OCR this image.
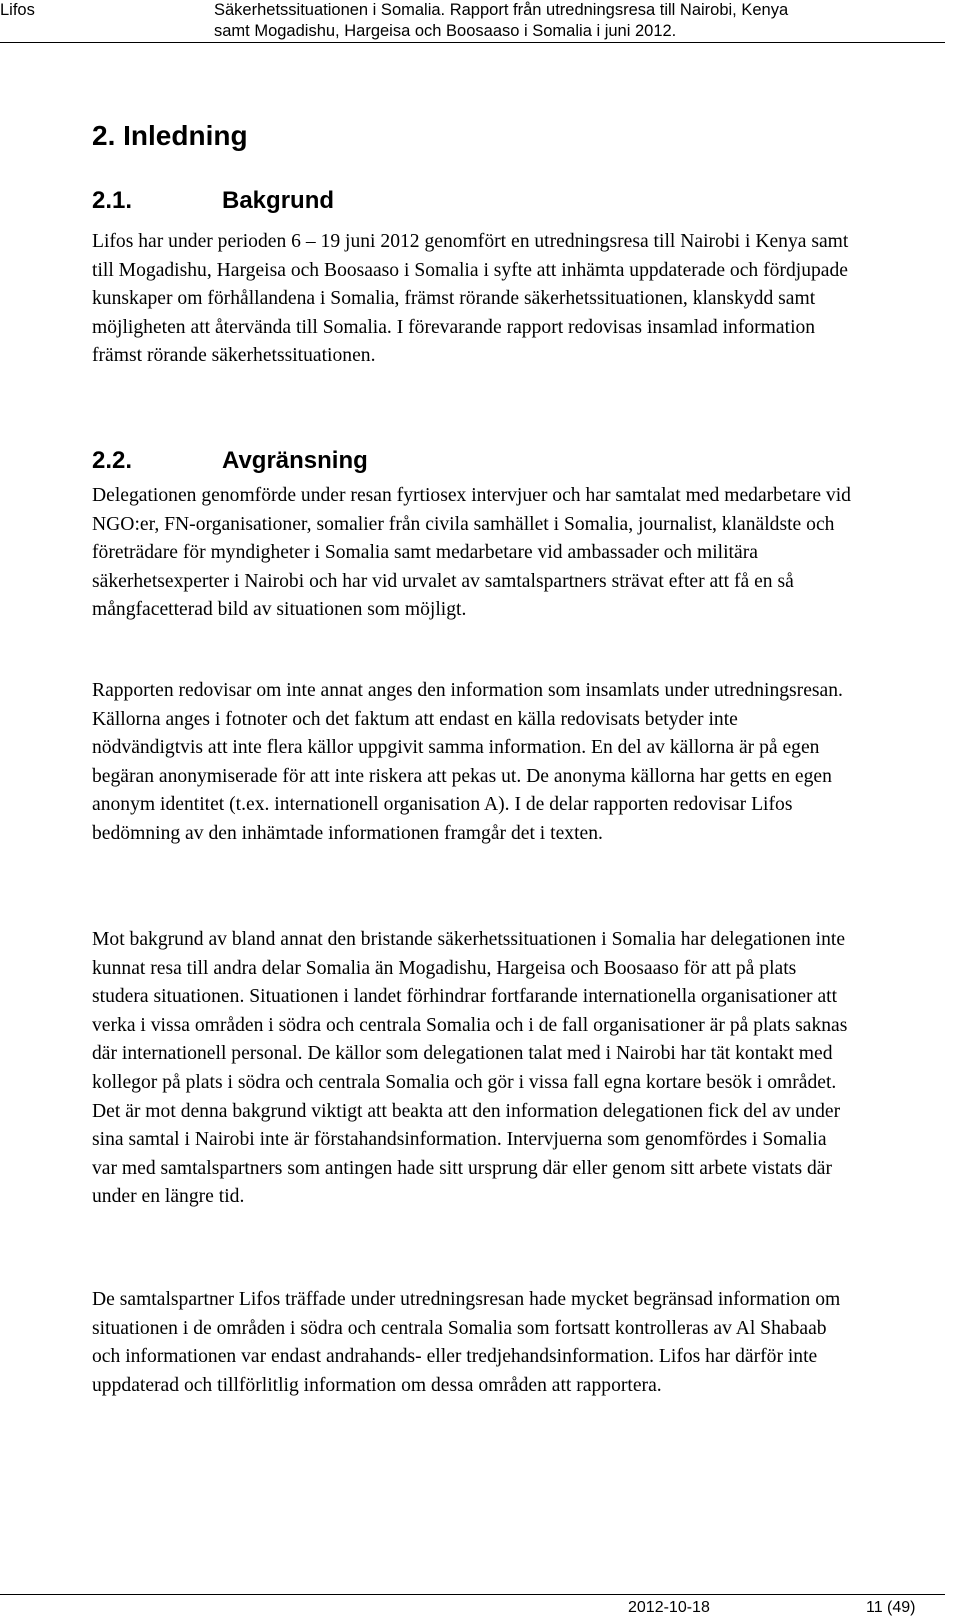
Lifos	Säkerhetssituationen i Somalia. Rapport från utredningsresa till Nairobi, Kenya
samt Mogadishu, Hargeisa och Boosaaso i Somalia i juni 2012.
2. Inledning
2.1.	Bakgrund

Lifos har under perioden 6 – 19 juni 2012 genomfört en utredningsresa till Nairobi i Kenya samt till Mogadishu, Hargeisa och Boosaaso i Somalia i syfte att inhämta uppdaterade och fördjupade kunskaper om förhållandena i Somalia, främst rörande säkerhetssituationen, klanskydd samt möjligheten att återvända till Somalia. I förevarande rapport redovisas insamlad information främst rörande säkerhetssituationen.

2.2.	Avgränsning

Delegationen genomförde under resan fyrtiosex intervjuer och har samtalat med medarbetare vid NGO:er, FN-organisationer, somalier från civila samhället i Somalia, journalist, klanäldste och företrädare för myndigheter i Somalia samt medarbetare vid ambassader och militära säkerhetsexperter i Nairobi och har vid urvalet av samtalspartners strävat efter att få en så mångfacetterad bild av situationen som möjligt.

Rapporten redovisar om inte annat anges den information som insamlats under utredningsresan. Källorna anges i fotnoter och det faktum att endast en källa redovisats betyder inte nödvändigtvis att inte flera källor uppgivit samma information. En del av källorna är på egen begäran anonymiserade för att inte riskera att pekas ut. De anonyma källorna har getts en egen anonym identitet (t.ex. internationell organisation A). I de delar rapporten redovisar Lifos bedömning av den inhämtade informationen framgår det i texten.

Mot bakgrund av bland annat den bristande säkerhetssituationen i Somalia har delegationen inte kunnat resa till andra delar Somalia än Mogadishu, Hargeisa och Boosaaso för att på plats studera situationen. Situationen i landet förhindrar fortfarande internationella organisationer att verka i vissa områden i södra och centrala Somalia och i de fall organisationer är på plats saknas där internationell personal. De källor som delegationen talat med i Nairobi har tät kontakt med kollegor på plats i södra och centrala Somalia och gör i vissa fall egna kortare besök i området. Det är mot denna bakgrund viktigt att beakta att den information delegationen fick del av under sina samtal i Nairobi inte är förstahandsinformation. Intervjuerna som genomfördes i Somalia var med samtalspartners som antingen hade sitt ursprung där eller genom sitt arbete vistats där under en längre tid.

De samtalspartner Lifos träffade under utredningsresan hade mycket begränsad information om situationen i de områden i södra och centrala Somalia som fortsatt kontrolleras av Al Shabaab och informationen var endast andrahands- eller tredjehandsinformation. Lifos har därför inte uppdaterad och tillförlitlig information om dessa områden att rapportera.

2012-10-18	11 (49)
